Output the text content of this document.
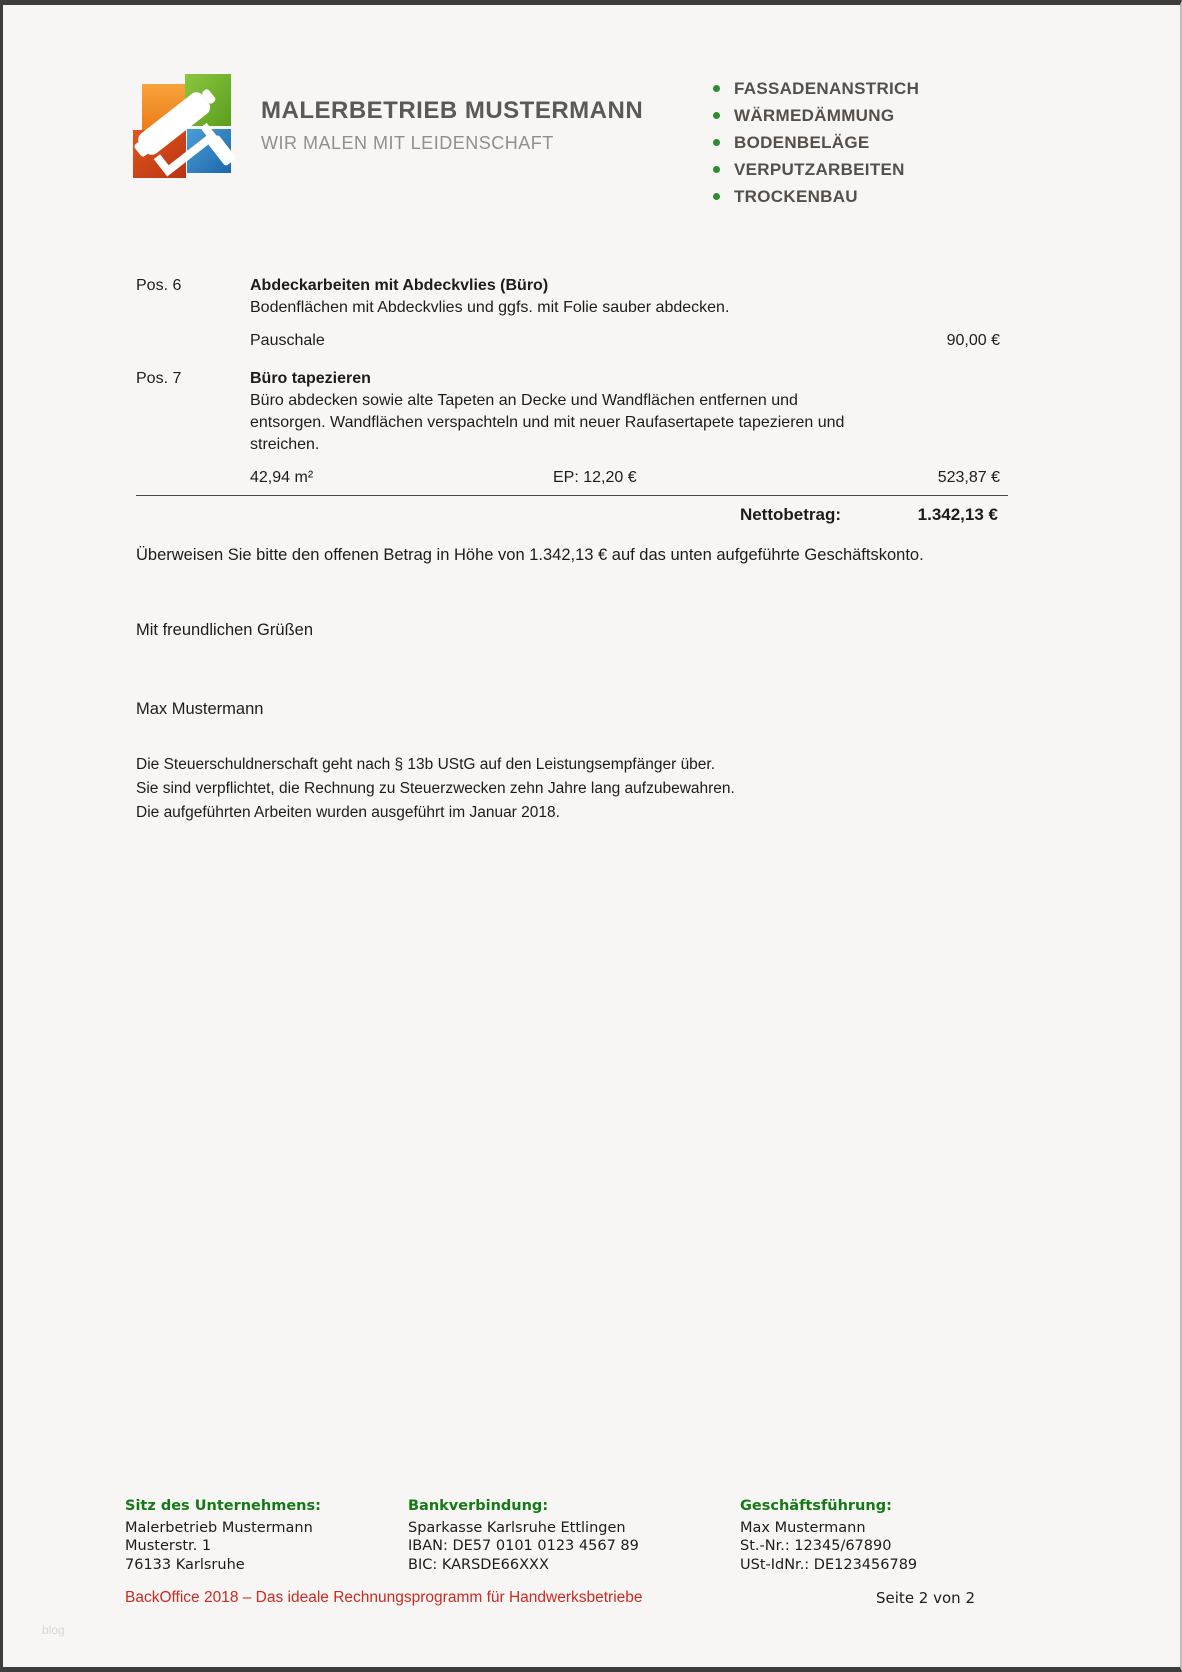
MALERBETRIEB MUSTERMANN
WIR MALEN MIT LEIDENSCHAFT
FASSADENANSTRICH
WÄRMEDÄMMUNG
BODENBELÄGE
VERPUTZARBEITEN
TROCKENBAU
Pos. 6	Abdeckarbeiten mit Abdeckvlies (Büro)
Bodenflächen mit Abdeckvlies und ggfs. mit Folie sauber abdecken.
Pauschale	90,00 €
Pos. 7	Büro tapezieren
Büro abdecken sowie alte Tapeten an Decke und Wandflächen entfernen und entsorgen. Wandflächen verspachteln und mit neuer Raufasertapete tapezieren und streichen.
42,94 m²	EP: 12,20 €	523,87 €
Nettobetrag:	1.342,13 €
Überweisen Sie bitte den offenen Betrag in Höhe von 1.342,13 € auf das unten aufgeführte Geschäftskonto.
Mit freundlichen Grüßen
Max Mustermann
Die Steuerschuldnerschaft geht nach § 13b UStG auf den Leistungsempfänger über.
Sie sind verpflichtet, die Rechnung zu Steuerzwecken zehn Jahre lang aufzubewahren.
Die aufgeführten Arbeiten wurden ausgeführt im Januar 2018.
Sitz des Unternehmens:
Malerbetrieb Mustermann
Musterstr. 1
76133 Karlsruhe
Bankverbindung:
Sparkasse Karlsruhe Ettlingen
IBAN: DE57 0101 0123 4567 89
BIC: KARSDE66XXX
Geschäftsführung:
Max Mustermann
St.-Nr.: 12345/67890
USt-IdNr.: DE123456789
BackOffice 2018 – Das ideale Rechnungsprogramm für Handwerksbetriebe	Seite 2 von 2
blog
